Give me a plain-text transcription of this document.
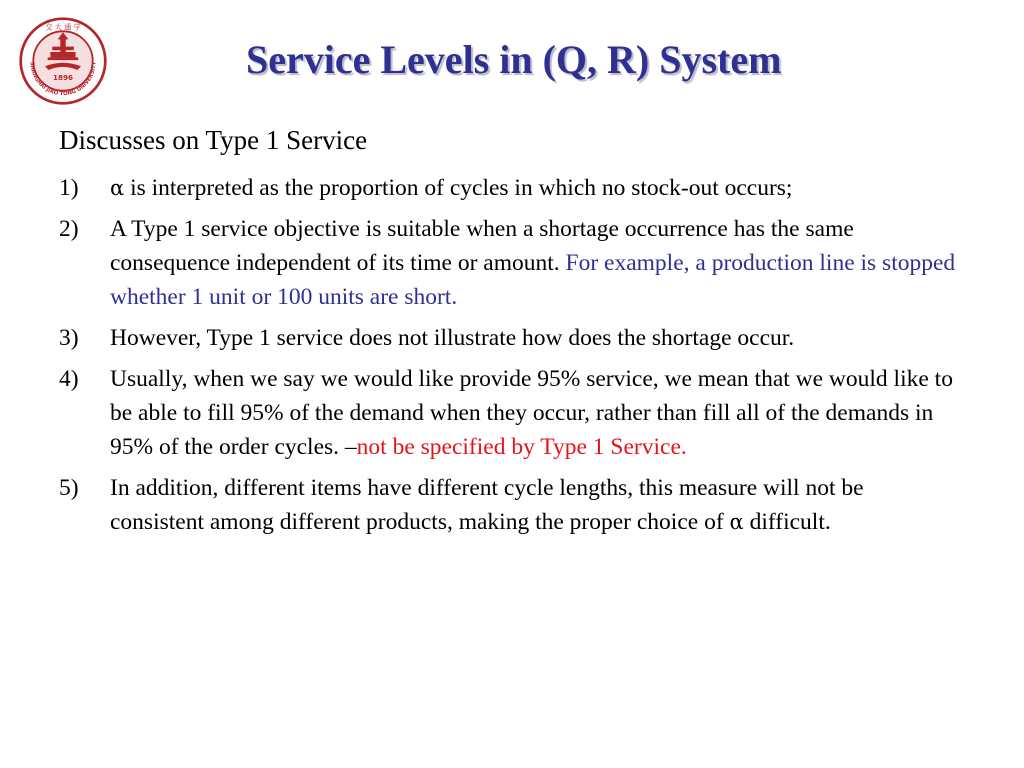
SHANGHAI JIAO TONG UNIVERSITY
交 大 通 学
1896	Service Levels in (Q, R) System

Discusses on Type 1 Service

1) α is interpreted as the proportion of cycles in which no stock-out occurs;
2) A Type 1 service objective is suitable when a shortage occurrence has the same consequence independent of its time or amount. For example, a production line is stopped whether 1 unit or 100 units are short.
3) However, Type 1 service does not illustrate how does the shortage occur.
4) Usually, when we say we would like provide 95% service, we mean that we would like to be able to fill 95% of the demand when they occur, rather than fill all of the demands in 95% of the order cycles. –not be specified by Type 1 Service.
5) In addition, different items have different cycle lengths, this measure will not be consistent among different products, making the proper choice of α difficult.
